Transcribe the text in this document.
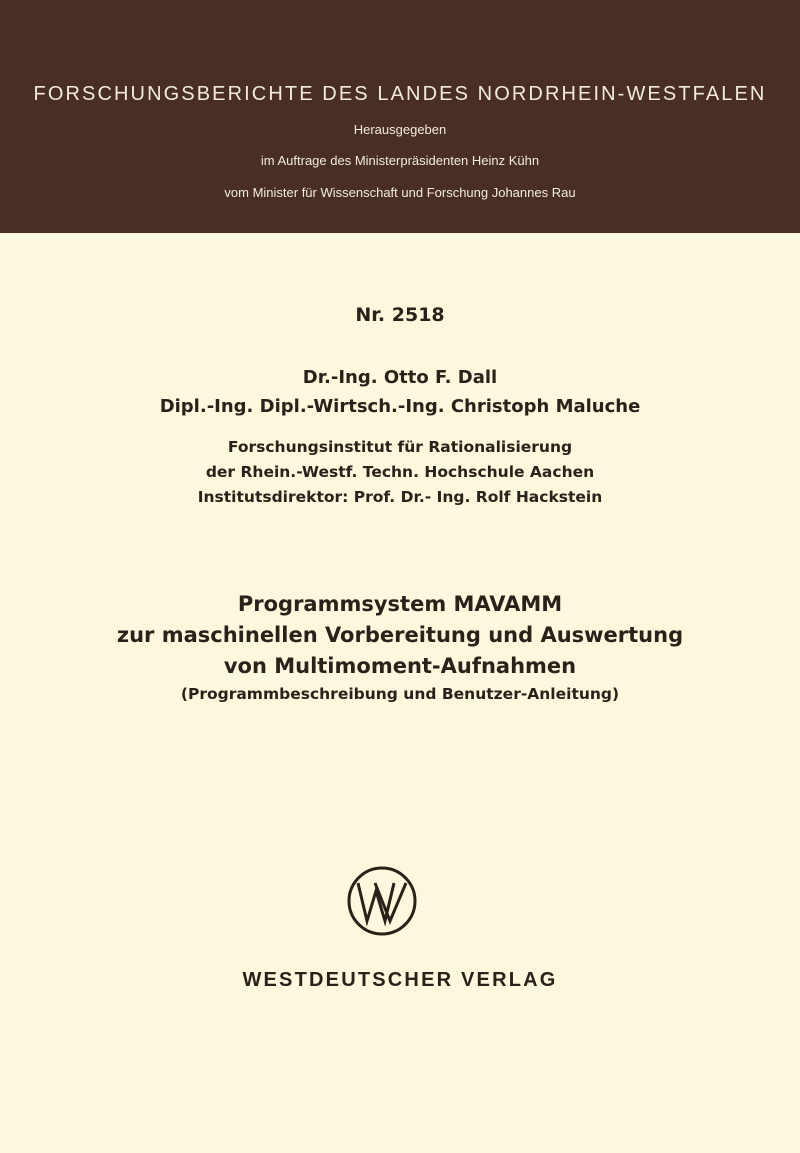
FORSCHUNGSBERICHTE DES LANDES NORDRHEIN-WESTFALEN
Herausgegeben
im Auftrage des Ministerpräsidenten Heinz Kühn
vom Minister für Wissenschaft und Forschung Johannes Rau
Nr. 2518
Dr.-Ing. Otto F. Dall
Dipl.-Ing. Dipl.-Wirtsch.-Ing. Christoph Maluche
Forschungsinstitut für Rationalisierung
der Rhein.-Westf. Techn. Hochschule Aachen
Institutsdirektor: Prof. Dr.- Ing. Rolf Hackstein
Programmsystem MAVAMM
zur maschinellen Vorbereitung und Auswertung
von Multimoment-Aufnahmen
(Programmbeschreibung und Benutzer-Anleitung)
WESTDEUTSCHER VERLAG
